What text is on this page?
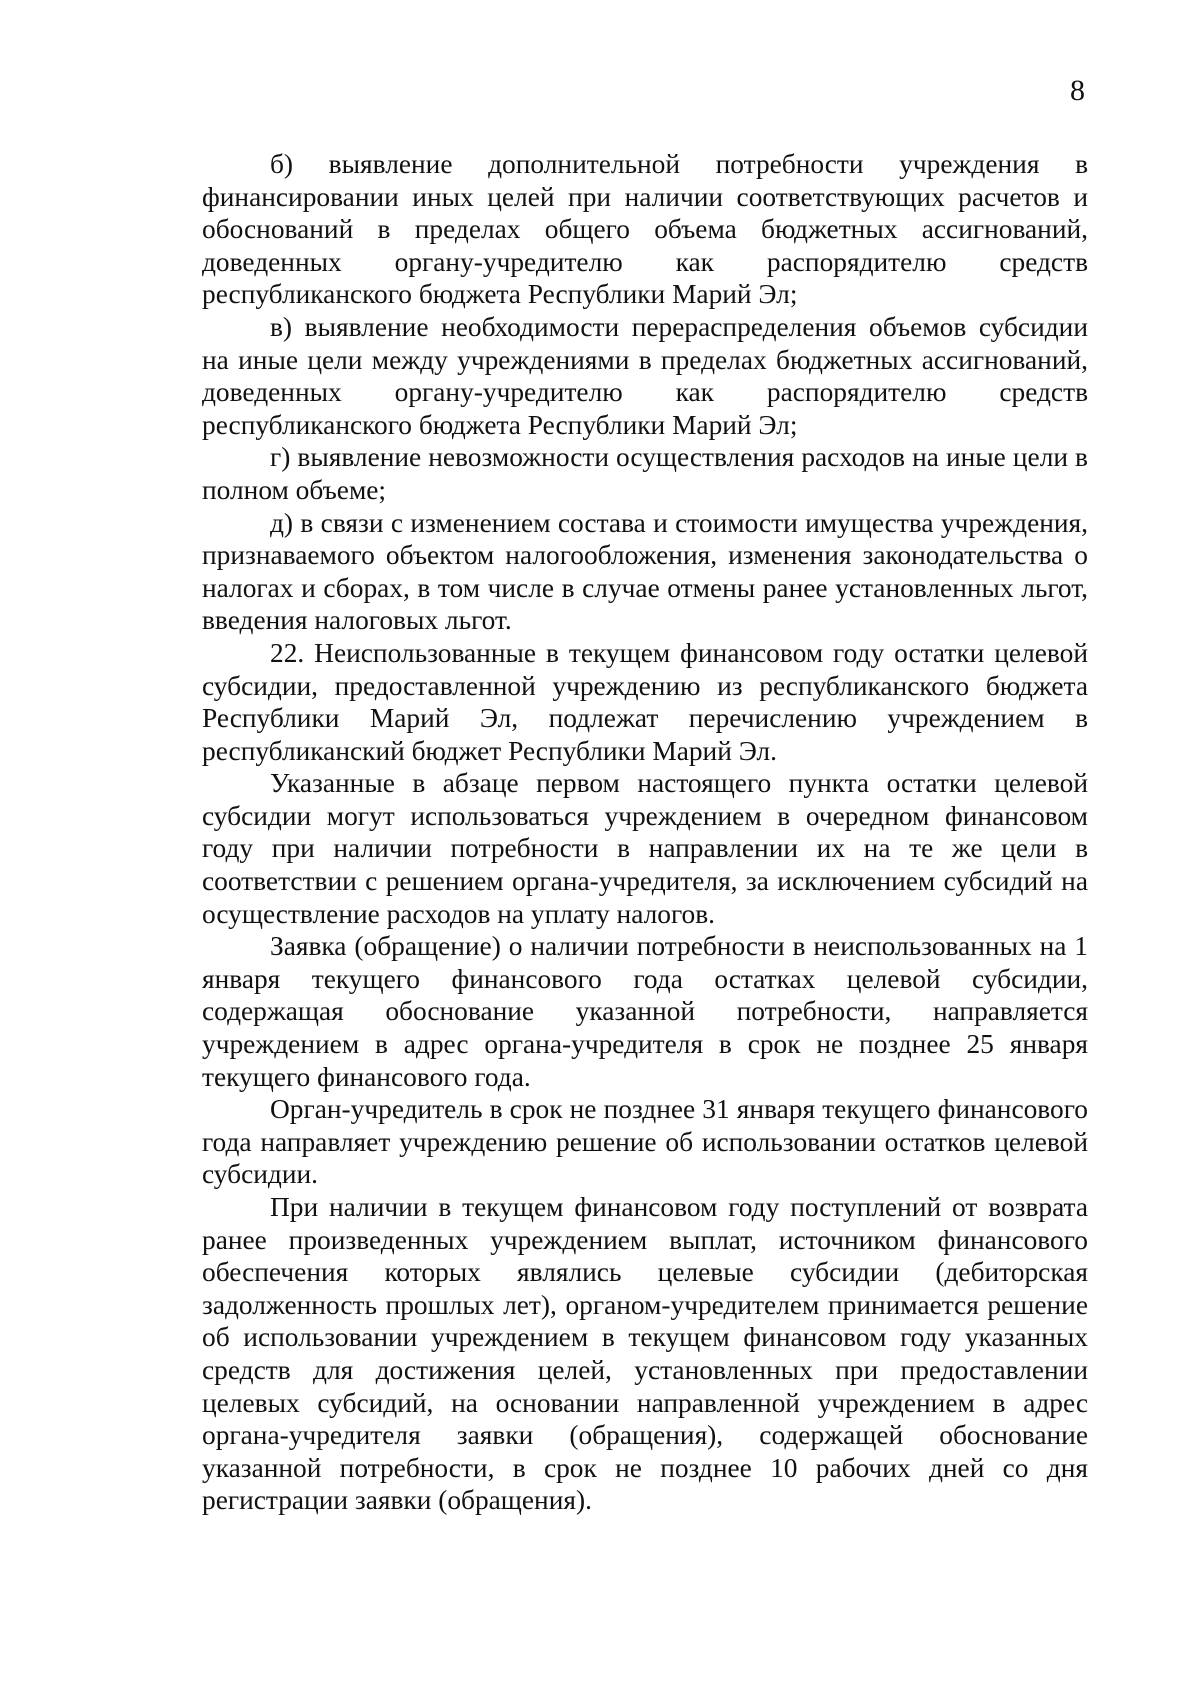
8

б) выявление дополнительной потребности учреждения в финансировании иных целей при наличии соответствующих расчетов и обоснований в пределах общего объема бюджетных ассигнований, доведенных органу-учредителю как распорядителю средств республиканского бюджета Республики Марий Эл;

в) выявление необходимости перераспределения объемов субсидии на иные цели между учреждениями в пределах бюджетных ассигнований, доведенных органу-учредителю как распорядителю средств республиканского бюджета Республики Марий Эл;

г) выявление невозможности осуществления расходов на иные цели в полном объеме;

д) в связи с изменением состава и стоимости имущества учреждения, признаваемого объектом налогообложения, изменения законодательства о налогах и сборах, в том числе в случае отмены ранее установленных льгот, введения налоговых льгот.

22. Неиспользованные в текущем финансовом году остатки целевой субсидии, предоставленной учреждению из республиканского бюджета Республики Марий Эл, подлежат перечислению учреждением в республиканский бюджет Республики Марий Эл.

Указанные в абзаце первом настоящего пункта остатки целевой субсидии могут использоваться учреждением в очередном финансовом году при наличии потребности в направлении их на те же цели в соответствии с решением органа-учредителя, за исключением субсидий на осуществление расходов на уплату налогов.

Заявка (обращение) о наличии потребности в неиспользованных на 1 января текущего финансового года остатках целевой субсидии, содержащая обоснование указанной потребности, направляется учреждением в адрес органа-учредителя в срок не позднее 25 января текущего финансового года.

Орган-учредитель в срок не позднее 31 января текущего финансового года направляет учреждению решение об использовании остатков целевой субсидии.

При наличии в текущем финансовом году поступлений от возврата ранее произведенных учреждением выплат, источником финансового обеспечения которых являлись целевые субсидии (дебиторская задолженность прошлых лет), органом-учредителем принимается решение об использовании учреждением в текущем финансовом году указанных средств для достижения целей, установленных при предоставлении целевых субсидий, на основании направленной учреждением в адрес органа-учредителя заявки (обращения), содержащей обоснование указанной потребности, в срок не позднее 10 рабочих дней со дня регистрации заявки (обращения).
